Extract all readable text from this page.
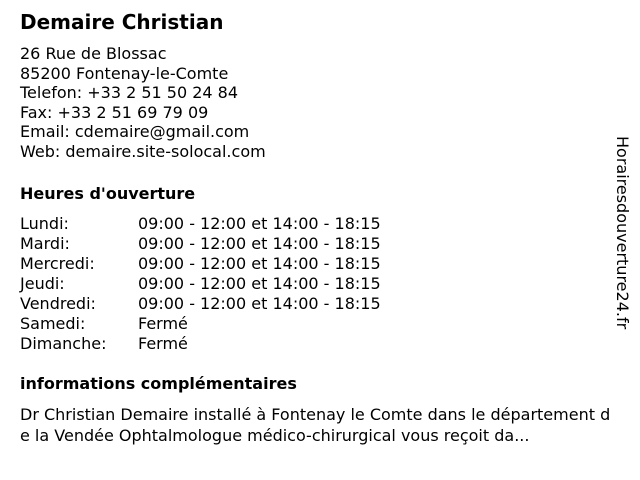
Demaire Christian
26 Rue de Blossac
85200 Fontenay-le-Comte
Telefon: +33 2 51 50 24 84
Fax: +33 2 51 69 79 09
Email: cdemaire@gmail.com
Web: demaire.site-solocal.com
Heures d'ouverture
Lundi:	09:00 - 12:00 et 14:00 - 18:15
Mardi:	09:00 - 12:00 et 14:00 - 18:15
Mercredi:	09:00 - 12:00 et 14:00 - 18:15
Jeudi:	09:00 - 12:00 et 14:00 - 18:15
Vendredi:	09:00 - 12:00 et 14:00 - 18:15
Samedi:	Fermé
Dimanche:	Fermé
informations complémentaires
Dr Christian Demaire installé à Fontenay le Comte dans le département de la Vendée Ophtalmologue médico-chirurgical vous reçoit da...
Horairesdouverture24.fr
